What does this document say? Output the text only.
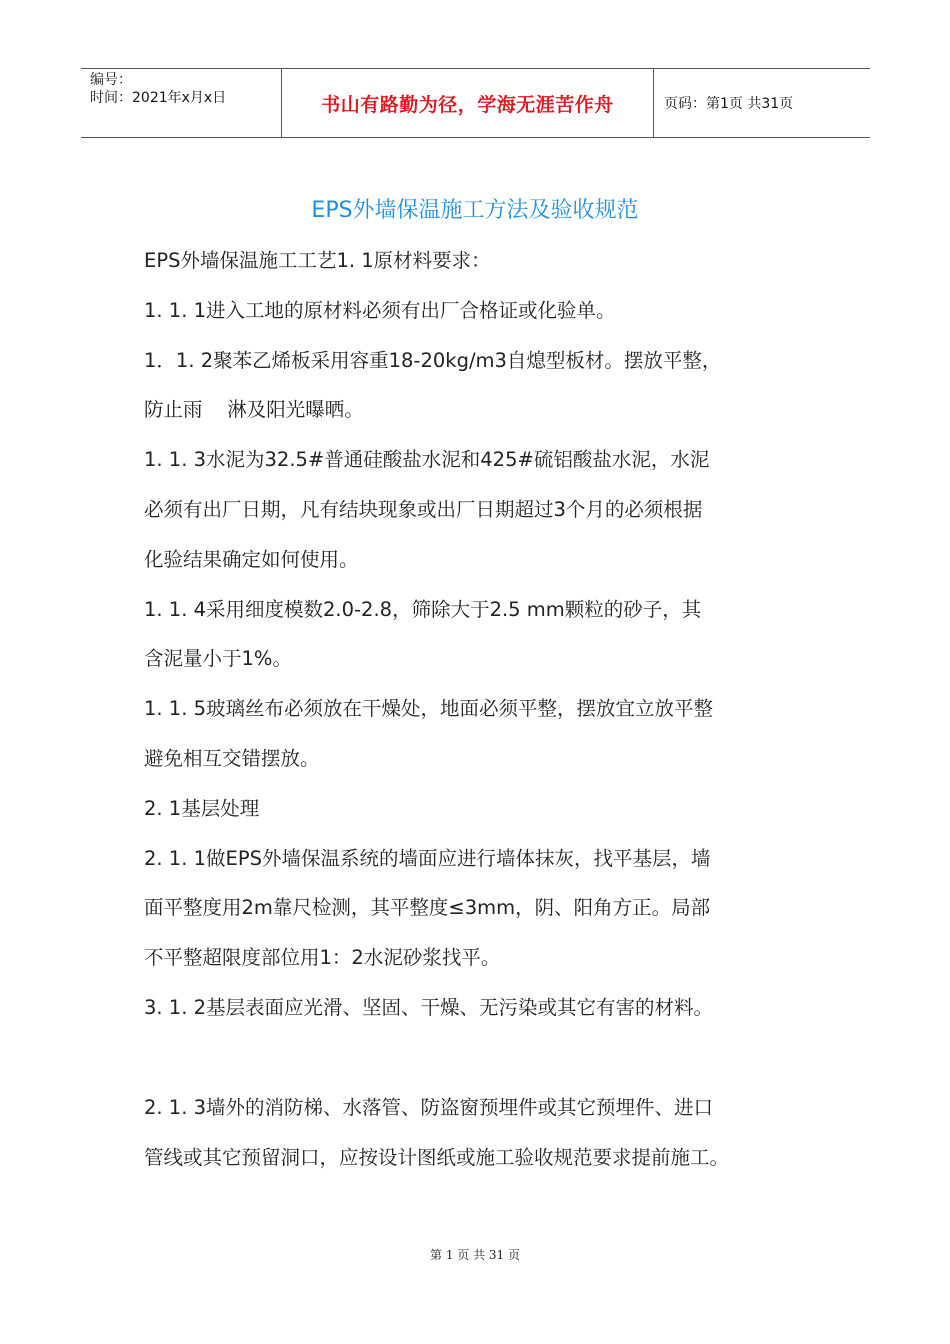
编号：
时间：2021年x月x日	书山有路勤为径，学海无涯苦作舟	页码：第1页 共31页
EPS外墙保温施工方法及验收规范

EPS外墙保温施工工艺1. 1原材料要求：

1. 1. 1进入工地的原材料必须有出厂合格证或化验单。

1．1. 2聚苯乙烯板采用容重18-20kg/m3自熄型板材。摆放平整，

防止雨    淋及阳光曝晒。

1. 1. 3水泥为32.5#普通硅酸盐水泥和425#硫铝酸盐水泥，水泥

必须有出厂日期，凡有结块现象或出厂日期超过3个月的必须根据

化验结果确定如何使用。

1. 1. 4采用细度模数2.0-2.8，筛除大于2.5 mm颗粒的砂子，其

含泥量小于1%。

1. 1. 5玻璃丝布必须放在干燥处，地面必须平整，摆放宜立放平整

避免相互交错摆放。

2. 1基层处理

2. 1. 1做EPS外墙保温系统的墙面应进行墙体抹灰，找平基层，墙

面平整度用2m靠尺检测，其平整度≤3mm，阴、阳角方正。局部

不平整超限度部位用1：2水泥砂浆找平。

3. 1. 2基层表面应光滑、坚固、干燥、无污染或其它有害的材料。

2. 1. 3墙外的消防梯、水落管、防盗窗预埋件或其它预埋件、进口

管线或其它预留洞口，应按设计图纸或施工验收规范要求提前施工。

第 1 页 共 31 页
